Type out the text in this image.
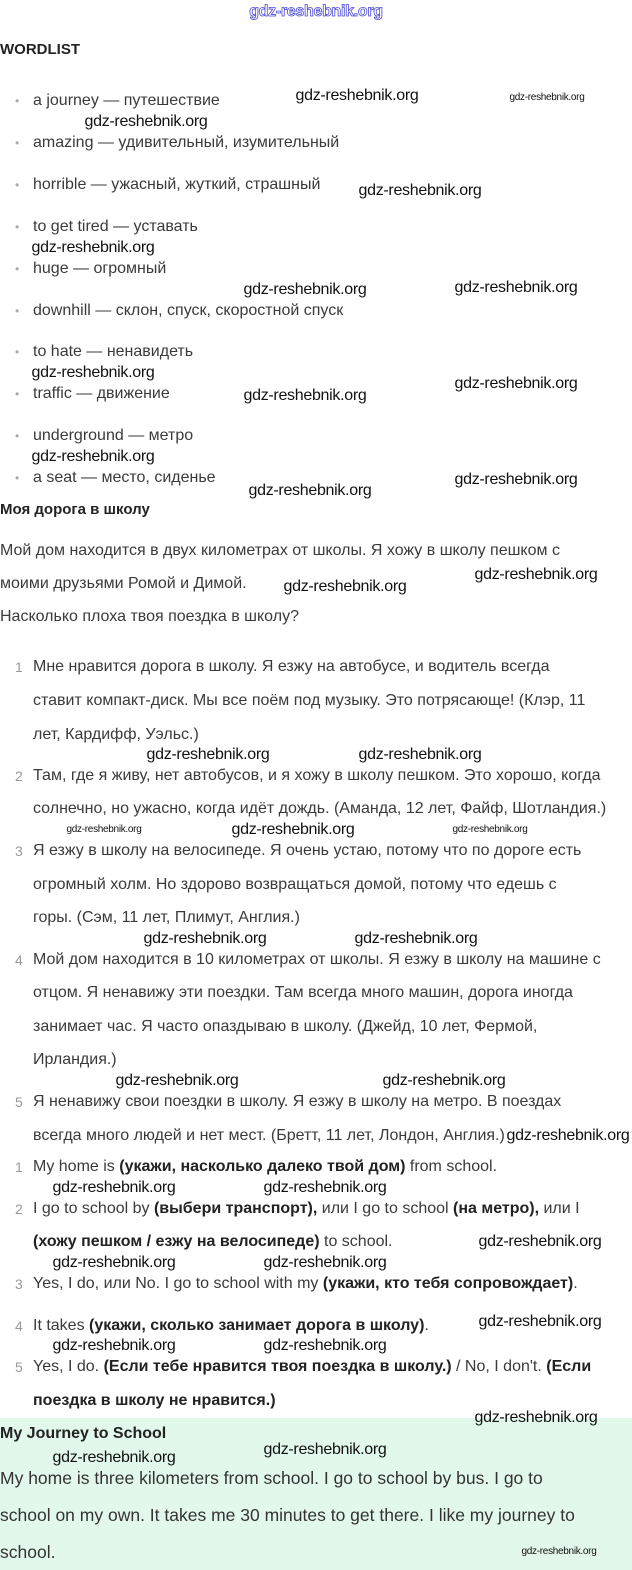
gdz-reshebnik.org
WORDLIST
• a journey — путешествие
• amazing — удивительный, изумительный
• horrible — ужасный, жуткий, страшный
• to get tired — уставать
• huge — огромный
• downhill — склон, спуск, скоростной спуск
• to hate — ненавидеть
• traffic — движение
• underground — метро
• a seat — место, сиденье
Моя дорога в школу
Мой дом находится в двух километрах от школы. Я хожу в школу пешком с
моими друзьями Ромой и Димой.
Насколько плоха твоя поездка в школу?
1 Мне нравится дорога в школу. Я езжу на автобусе, и водитель всегда
ставит компакт-диск. Мы все поём под музыку. Это потрясающе! (Клэр, 11
лет, Кардифф, Уэльс.)
2 Там, где я живу, нет автобусов, и я хожу в школу пешком. Это хорошо, когда
солнечно, но ужасно, когда идёт дождь. (Аманда, 12 лет, Файф, Шотландия.)
3 Я езжу в школу на велосипеде. Я очень устаю, потому что по дороге есть
огромный холм. Но здорово возвращаться домой, потому что едешь с
горы. (Сэм, 11 лет, Плимут, Англия.)
4 Мой дом находится в 10 километрах от школы. Я езжу в школу на машине с
отцом. Я ненавижу эти поездки. Там всегда много машин, дорога иногда
занимает час. Я часто опаздываю в школу. (Джейд, 10 лет, Фермой,
Ирландия.)
5 Я ненавижу свои поездки в школу. Я езжу в школу на метро. В поездах
всегда много людей и нет мест. (Бретт, 11 лет, Лондон, Англия.)
1 My home is (укажи, насколько далеко твой дом) from school.
2 I go to school by (выбери транспорт), или I go to school (на метро), или I
(хожу пешком / езжу на велосипеде) to school.
3 Yes, I do, или No. I go to school with my (укажи, кто тебя сопровождает).
4 It takes (укажи, сколько занимает дорога в школу).
5 Yes, I do. (Если тебе нравится твоя поездка в школу.) / No, I don't. (Если
поездка в школу не нравится.)
My Journey to School
My home is three kilometers from school. I go to school by bus. I go to
school on my own. It takes me 30 minutes to get there. I like my journey to
school.
gdz-reshebnik.org	gdz-reshebnik.org
gdz-reshebnik.org
gdz-reshebnik.org
gdz-reshebnik.org
gdz-reshebnik.org	gdz-reshebnik.org
gdz-reshebnik.org
gdz-reshebnik.org
gdz-reshebnik.org
gdz-reshebnik.org
gdz-reshebnik.org
gdz-reshebnik.org
gdz-reshebnik.org
gdz-reshebnik.org
gdz-reshebnik.org	gdz-reshebnik.org
gdz-reshebnik.org	gdz-reshebnik.org
gdz-reshebnik.org
gdz-reshebnik.org
gdz-reshebnik.org
gdz-reshebnik.org
gdz-reshebnik.org
gdz-reshebnik.org
gdz-reshebnik.org	gdz-reshebnik.org
gdz-reshebnik.org
gdz-reshebnik.org	gdz-reshebnik.org
gdz-reshebnik.org
gdz-reshebnik.org
gdz-reshebnik.org
gdz-reshebnik.org
gdz-reshebnik.org
gdz-reshebnik.org
gdz-reshebnik.org
